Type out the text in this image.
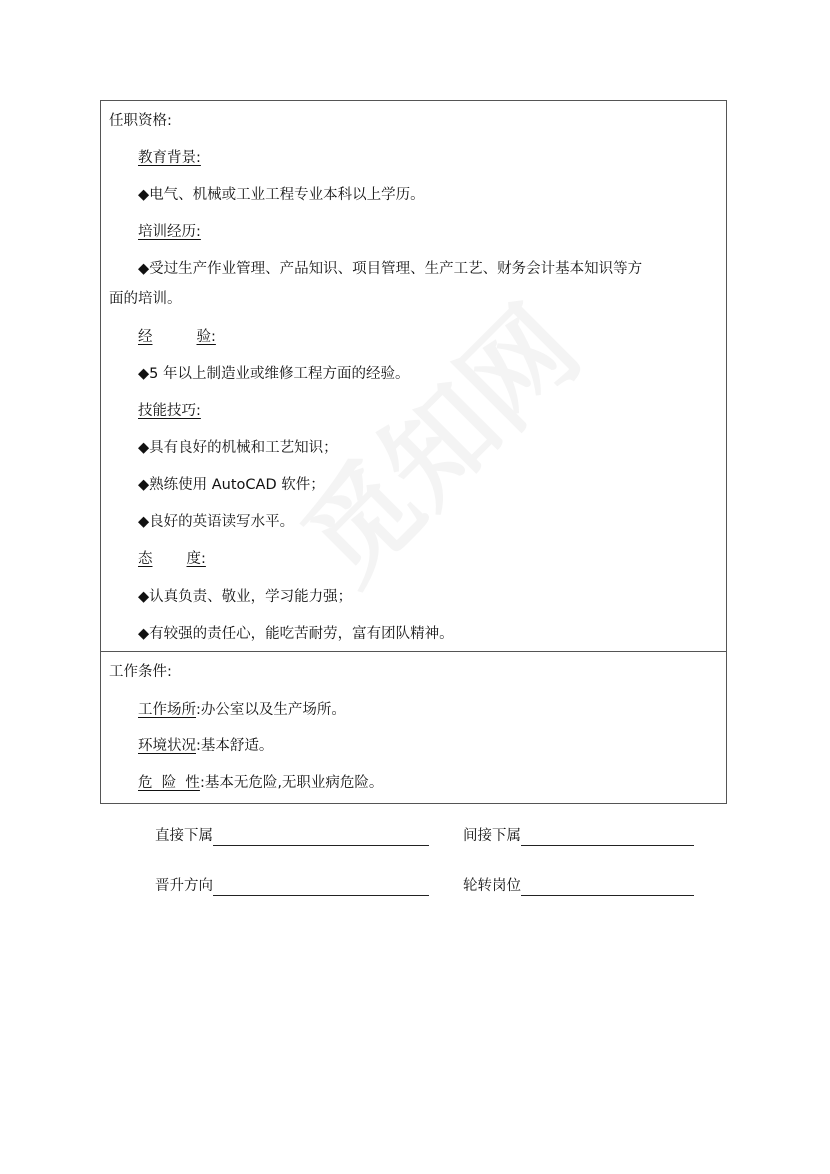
任职资格:
教育背景:
◆电气、机械或工业工程专业本科以上学历。
培训经历:
◆受过生产作业管理、产品知识、项目管理、生产工艺、财务会计基本知识等方
面的培训。
经	验:
◆5 年以上制造业或维修工程方面的经验。
技能技巧:
◆具有良好的机械和工艺知识；
◆熟练使用 AutoCAD 软件；
◆良好的英语读写水平。
态 度:
◆认真负责、敬业，学习能力强；
◆有较强的责任心，能吃苦耐劳，富有团队精神。
工作条件:
工作场所:办公室以及生产场所。
环境状况:基本舒适。
危  险  性:基本无危险,无职业病危险。
直接下属	间接下属
晋升方向	轮转岗位
